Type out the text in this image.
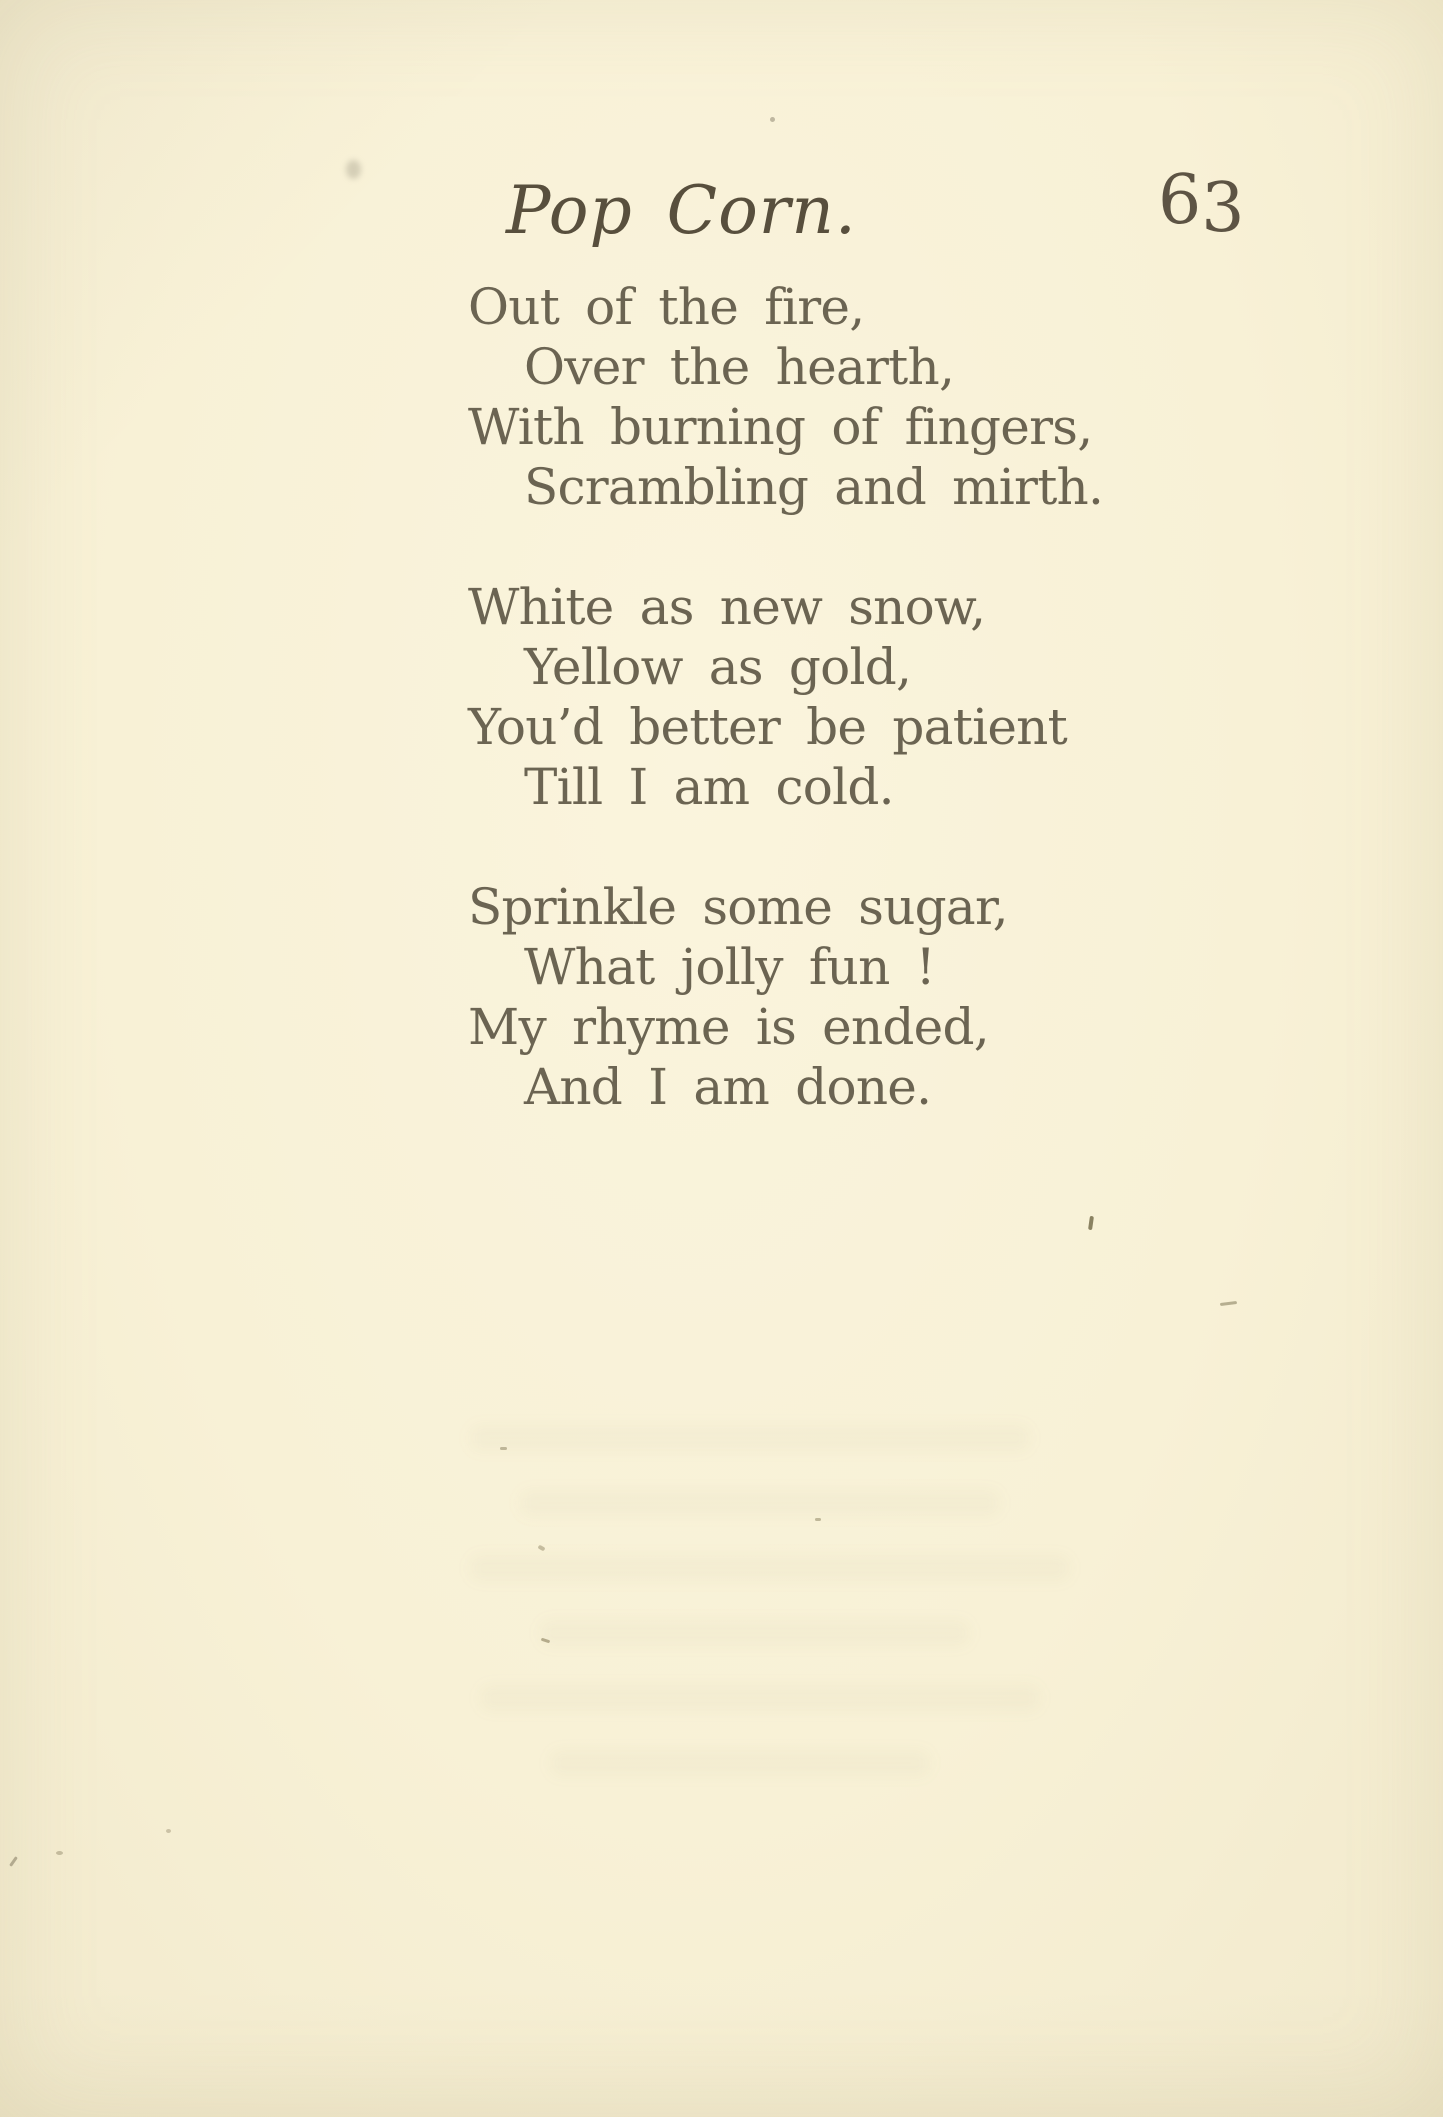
Pop Corn.	63
Out of the fire,
Over the hearth,
With burning of fingers,
Scrambling and mirth.
White as new snow,
Yellow as gold,
You’d better be patient
Till I am cold.
Sprinkle some sugar,
What jolly fun !
My rhyme is ended,
And I am done.
